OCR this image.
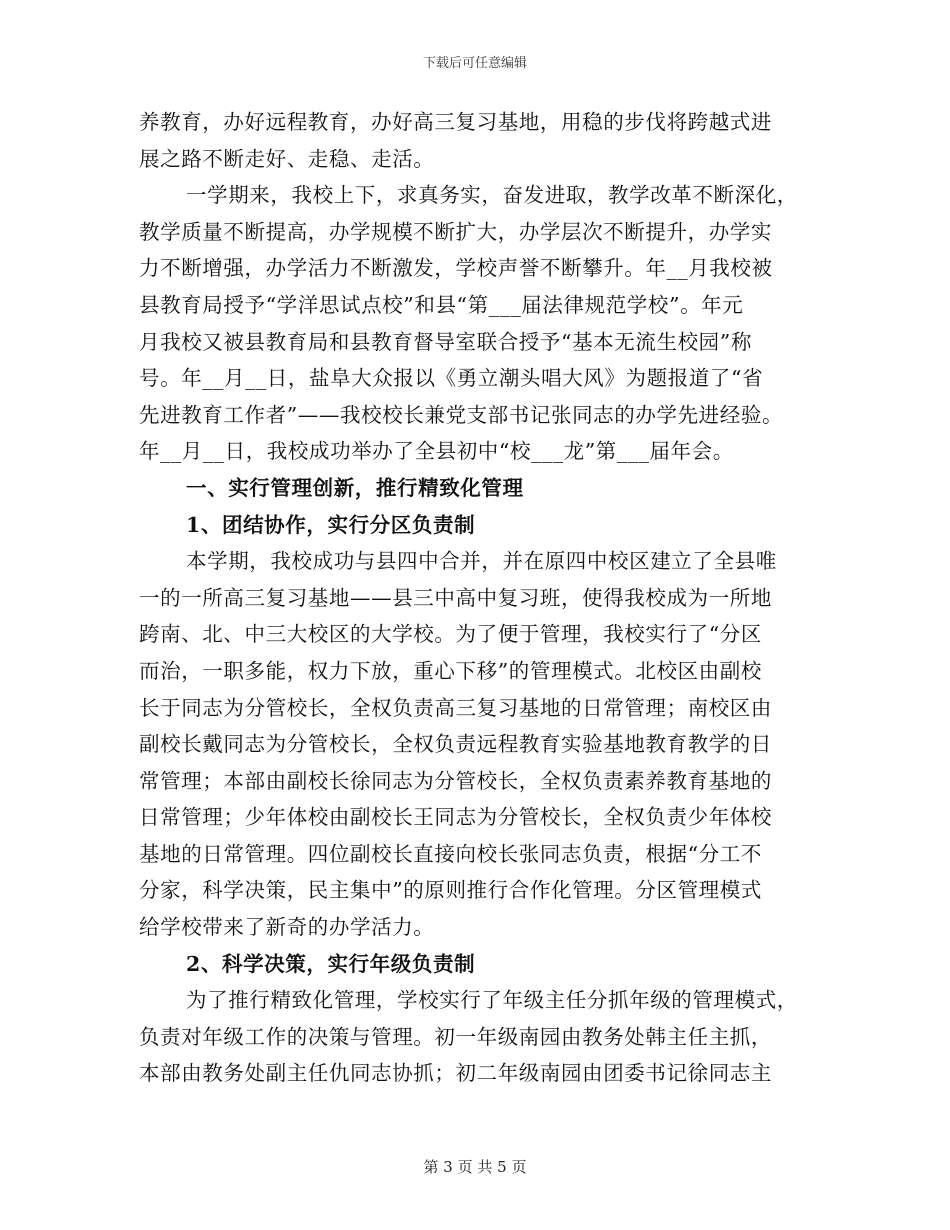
下载后可任意编辑
养教育，办好远程教育，办好高三复习基地，用稳的步伐将跨越式进
展之路不断走好、走稳、走活。
一学期来，我校上下，求真务实，奋发进取，教学改革不断深化，
教学质量不断提高，办学规模不断扩大，办学层次不断提升，办学实
力不断增强，办学活力不断激发，学校声誉不断攀升。年__月我校被
县教育局授予“学洋思试点校”和县“第___届法律规范学校”。年元
月我校又被县教育局和县教育督导室联合授予“基本无流生校园”称
号。年__月__日，盐阜大众报以《勇立潮头唱大风》为题报道了“省
先进教育工作者”——我校校长兼党支部书记张同志的办学先进经验。
年__月__日，我校成功举办了全县初中“校___龙”第___届年会。
一、实行管理创新，推行精致化管理
1、团结协作，实行分区负责制
本学期，我校成功与县四中合并，并在原四中校区建立了全县唯
一的一所高三复习基地——县三中高中复习班，使得我校成为一所地
跨南、北、中三大校区的大学校。为了便于管理，我校实行了“分区
而治，一职多能，权力下放，重心下移”的管理模式。北校区由副校
长于同志为分管校长，全权负责高三复习基地的日常管理；南校区由
副校长戴同志为分管校长，全权负责远程教育实验基地教育教学的日
常管理；本部由副校长徐同志为分管校长，全权负责素养教育基地的
日常管理；少年体校由副校长王同志为分管校长，全权负责少年体校
基地的日常管理。四位副校长直接向校长张同志负责，根据“分工不
分家，科学决策，民主集中”的原则推行合作化管理。分区管理模式
给学校带来了新奇的办学活力。
2、科学决策，实行年级负责制
为了推行精致化管理，学校实行了年级主任分抓年级的管理模式，
负责对年级工作的决策与管理。初一年级南园由教务处韩主任主抓，
本部由教务处副主任仇同志协抓；初二年级南园由团委书记徐同志主
第 3 页 共 5 页
